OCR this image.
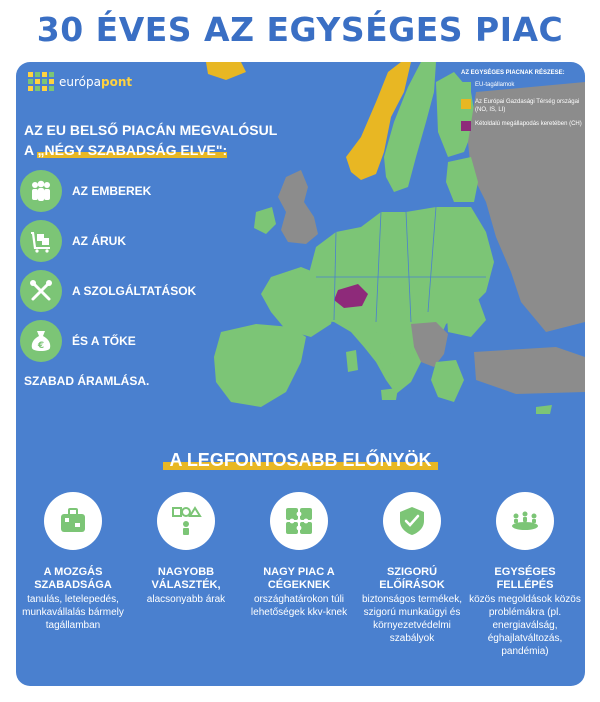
30 ÉVES AZ EGYSÉGES PIAC
európapont
AZ EGYSÉGES PIACNAK RÉSZESE:
EU-tagállamok
Az Európai Gazdasági Térség országai (NO, IS, LI)
Kétoldalú megállapodás keretében (CH)
AZ EU BELSŐ PIACÁN MEGVALÓSUL
A „NÉGY SZABADSÁG ELVE":
AZ EMBEREK
AZ ÁRUK
A SZOLGÁLTATÁSOK
€ ÉS A TŐKE
SZABAD ÁRAMLÁSA.
A LEGFONTOSABB ELŐNYÖK
A MOZGÁS SZABADSÁGA
tanulás, letelepedés, munkavállalás bármely tagállamban
NAGYOBB VÁLASZTÉK,
alacsonyabb árak
NAGY PIAC A CÉGEKNEK
országhatárokon túli lehetőségek kkv-knek
SZIGORÚ ELŐÍRÁSOK
biztonságos termékek, szigorú munkaügyi és környezetvédelmi szabályok
EGYSÉGES FELLÉPÉS
közös megoldások közös problémákra (pl. energiaválság, éghajlatváltozás, pandémia)
